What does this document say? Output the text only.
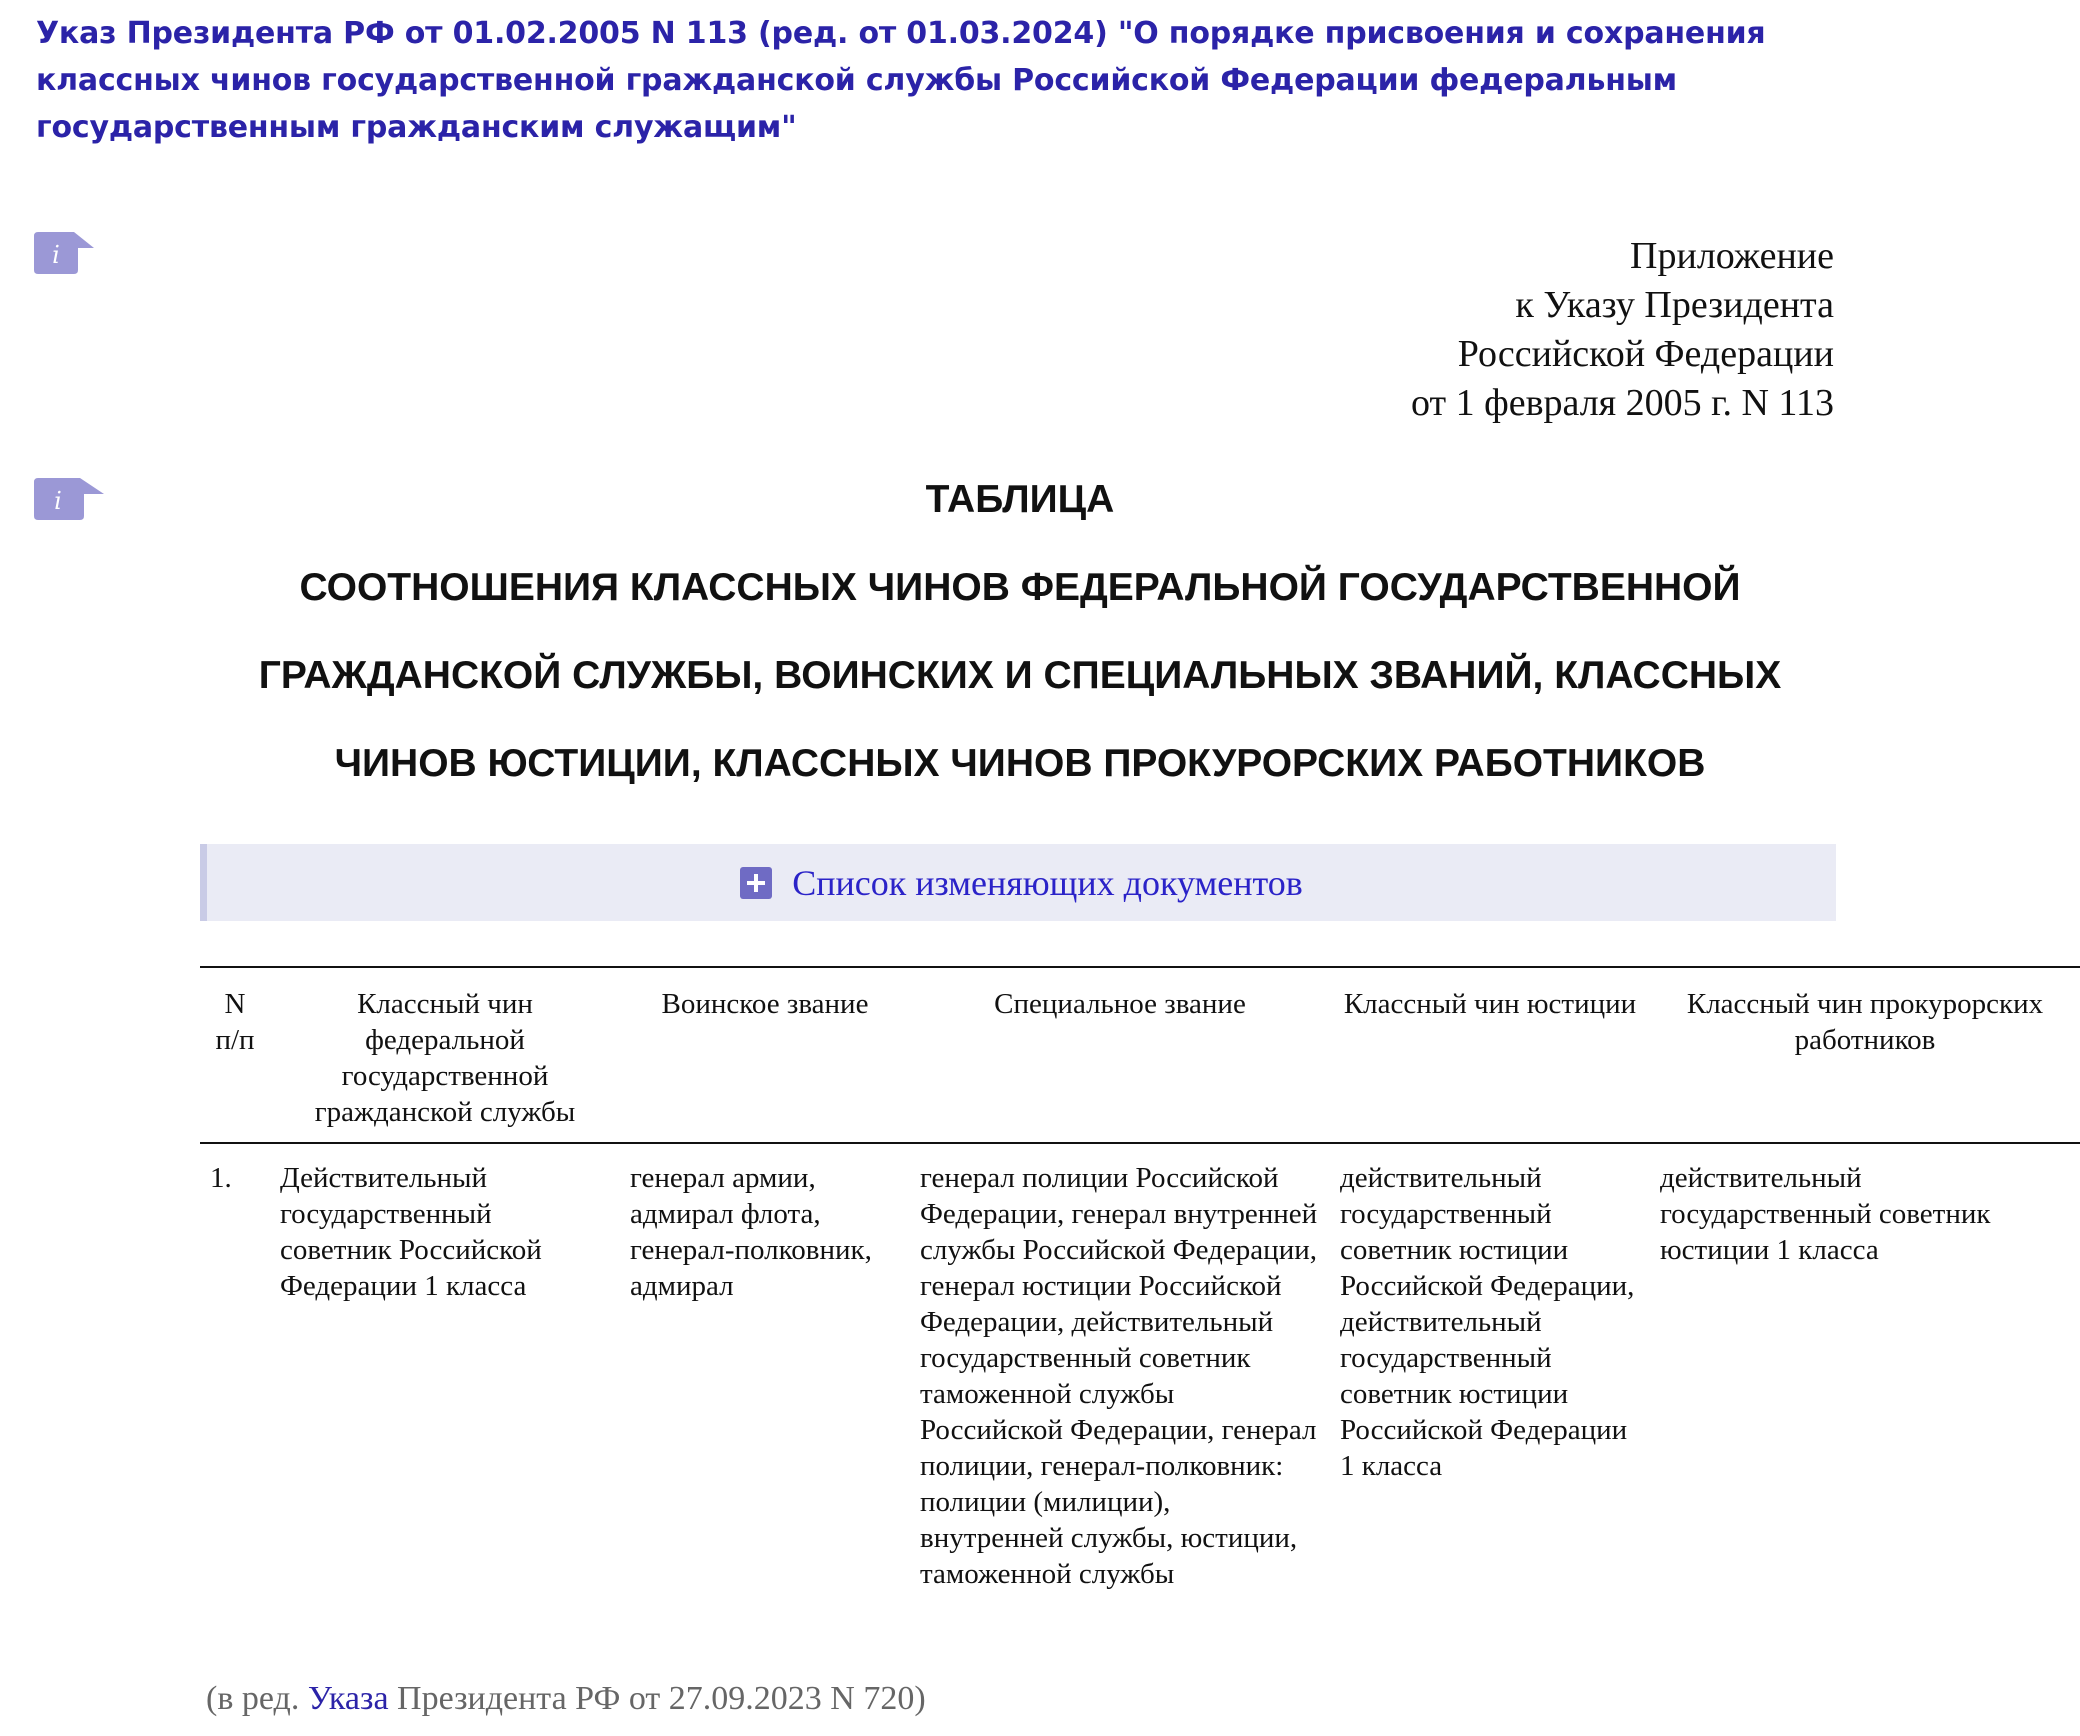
Указ Президента РФ от 01.02.2005 N 113 (ред. от 01.03.2024) "О порядке присвоения и сохранения классных чинов государственной гражданской службы Российской Федерации федеральным государственным гражданским служащим"
i	Приложение
к Указу Президента
Российской Федерации
от 1 февраля 2005 г. N 113
i	ТАБЛИЦА
СООТНОШЕНИЯ КЛАССНЫХ ЧИНОВ ФЕДЕРАЛЬНОЙ ГОСУДАРСТВЕННОЙ
ГРАЖДАНСКОЙ СЛУЖБЫ, ВОИНСКИХ И СПЕЦИАЛЬНЫХ ЗВАНИЙ, КЛАССНЫХ
ЧИНОВ ЮСТИЦИИ, КЛАССНЫХ ЧИНОВ ПРОКУРОРСКИХ РАБОТНИКОВ
Список изменяющих документов
N п/п	Классный чин федеральной государственной гражданской службы	Воинское звание	Специальное звание	Классный чин юстиции	Классный чин прокурорских работников
1.	Действительный государственный советник Российской Федерации 1 класса	генерал армии, адмирал флота, генерал-полковник, адмирал	генерал полиции Российской Федерации, генерал внутренней службы Российской Федерации, генерал юстиции Российской Федерации, действительный государственный советник таможенной службы Российской Федерации, генерал полиции, генерал-полковник: полиции (милиции), внутренней службы, юстиции, таможенной службы	действительный государственный советник юстиции Российской Федерации, действительный государственный советник юстиции Российской Федерации 1 класса	действительный государственный советник юстиции 1 класса

(в ред. Указа Президента РФ от 27.09.2023 N 720)
